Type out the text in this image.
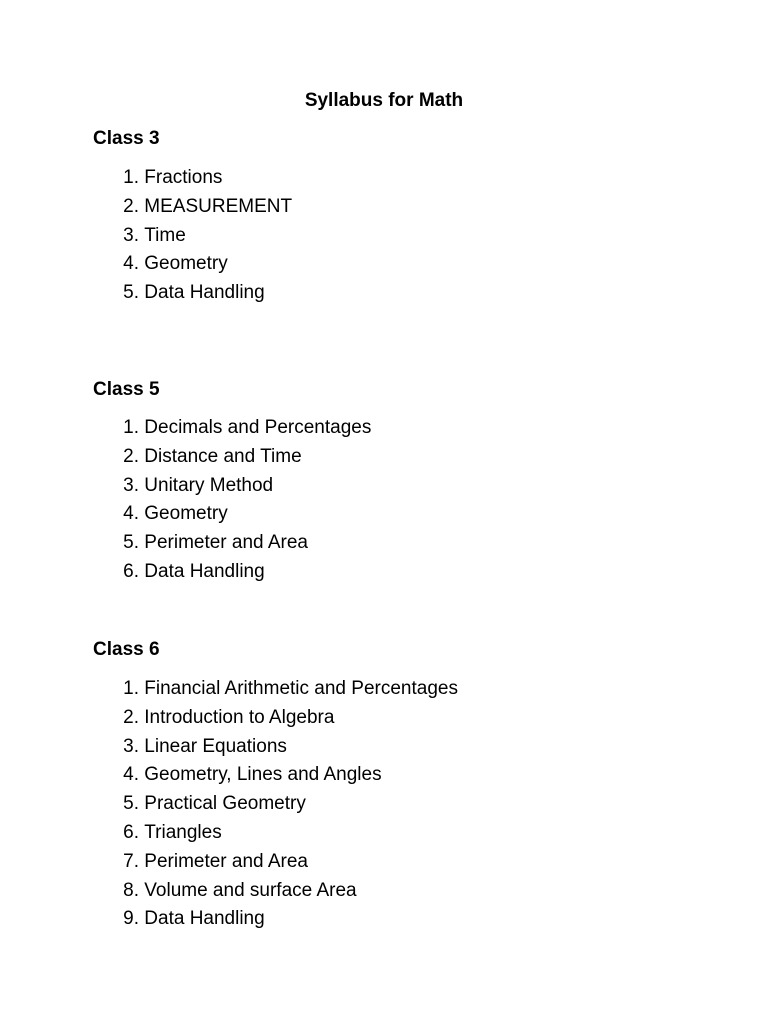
Syllabus for Math
Class 3
1. Fractions
2. MEASUREMENT
3. Time
4. Geometry
5. Data Handling
Class 5
1. Decimals and Percentages
2. Distance and Time
3. Unitary Method
4. Geometry
5. Perimeter and Area
6. Data Handling
Class 6
1. Financial Arithmetic and Percentages
2. Introduction to Algebra
3. Linear Equations
4. Geometry, Lines and Angles
5. Practical Geometry
6. Triangles
7. Perimeter and Area
8. Volume and surface Area
9. Data Handling
